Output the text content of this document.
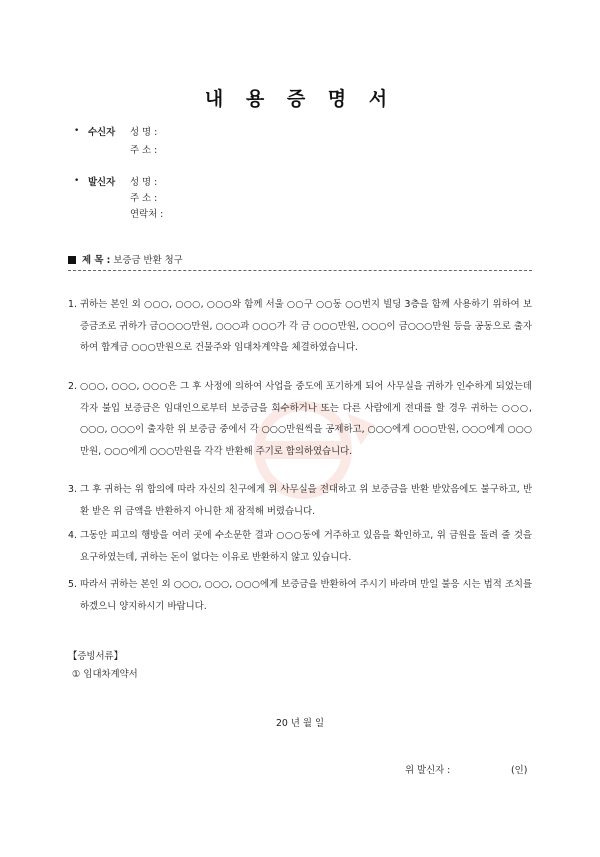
내 용 증 명 서
• 수신자 성 명 :
주 소 :
• 발신자 성 명 :
주 소 :
연락처 :
제 목 : 보증금 반환 청구
1. 귀하는 본인 외 ○○○, ○○○, ○○○와 함께 서울 ○○구 ○○동 ○○번지 빌딩 3층을 함께 사용하기 위하여 보증금조로 귀하가 금○○○○만원, ○○○과 ○○○가 각 금 ○○○만원, ○○○이 금○○○만원 등을 공동으로 출자하여 합계금 ○○○만원으로 건물주와 임대차계약을 체결하였습니다.
2. ○○○, ○○○, ○○○은 그 후 사정에 의하여 사업을 중도에 포기하게 되어 사무실을 귀하가 인수하게 되었는데 각자 불입 보증금은 임대인으로부터 보증금을 회수하거나 또는 다른 사람에게 전대를 할 경우 귀하는 ○○○, ○○○, ○○○이 출자한 위 보증금 중에서 각 ○○○만원씩을 공제하고, ○○○에게 ○○○만원, ○○○에게 ○○○만원, ○○○에게 ○○○만원을 각각 반환해 주기로 합의하였습니다.
3. 그 후 귀하는 위 합의에 따라 자신의 친구에게 위 사무실을 전대하고 위 보증금을 반환 받았음에도 불구하고, 반환 받은 위 금액을 반환하지 아니한 채 잠적해 버렸습니다.
4. 그동안 피고의 행방을 여러 곳에 수소문한 결과 ○○○동에 거주하고 있음을 확인하고, 위 금원을 돌려 줄 것을 요구하였는데, 귀하는 돈이 없다는 이유로 반환하지 않고 있습니다.
5. 따라서 귀하는 본인 외 ○○○, ○○○, ○○○에게 보증금을 반환하여 주시기 바라며 만일 불응 시는 법적 조치를 하겠으니 양지하시기 바랍니다.
【증빙서류】
① 임대차계약서
20 년 월 일
위 발신자 :	(인)
